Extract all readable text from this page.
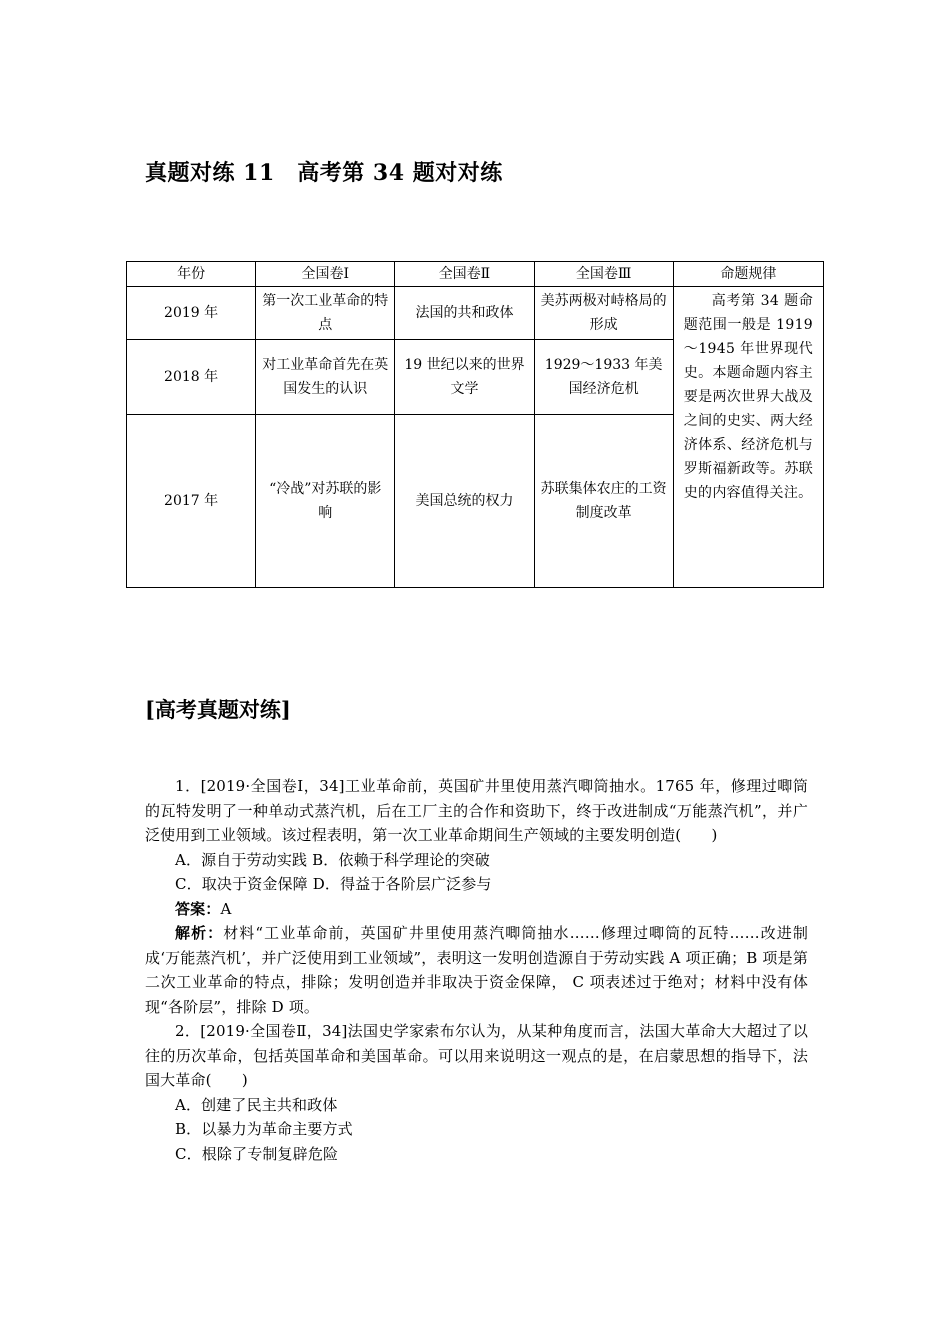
真题对练 11　高考第 34 题对对练
年份	全国卷Ⅰ	全国卷Ⅱ	全国卷Ⅲ	命题规律
2019 年	第一次工业革命的特点	法国的共和政体	美苏两极对峙格局的形成	高考第 34 题命题范围一般是 1919～1945 年世界现代史。本题命题内容主要是两次世界大战及之间的史实、两大经济体系、经济危机与罗斯福新政等。苏联史的内容值得关注。

2018 年	对工业革命首先在英国发生的认识	19 世纪以来的世界文学	1929～1933 年美国经济危机	
2017 年	“冷战”对苏联的影响	美国总统的权力	苏联集体农庄的工资制度改革	
[高考真题对练]

1．[2019·全国卷Ⅰ，34]工业革命前，英国矿井里使用蒸汽唧筒抽水。1765 年，修理过唧筒的瓦特发明了一种单动式蒸汽机，后在工厂主的合作和资助下，终于改进制成“万能蒸汽机”，并广泛使用到工业领域。该过程表明，第一次工业革命期间生产领域的主要发明创造(　　)

A．源自于劳动实践 B．依赖于科学理论的突破

C．取决于资金保障 D．得益于各阶层广泛参与

答案：A

解析：材料“工业革命前，英国矿井里使用蒸汽唧筒抽水……修理过唧筒的瓦特……改进制成‘万能蒸汽机’，并广泛使用到工业领域”，表明这一发明创造源自于劳动实践 A 项正确；B 项是第二次工业革命的特点，排除；发明创造并非取决于资金保障， C 项表述过于绝对；材料中没有体现“各阶层”，排除 D 项。

2．[2019·全国卷Ⅱ，34]法国史学家索布尔认为，从某种角度而言，法国大革命大大超过了以往的历次革命，包括英国革命和美国革命。可以用来说明这一观点的是，在启蒙思想的指导下，法国大革命(　　)

A．创建了民主共和政体

B．以暴力为革命主要方式

C．根除了专制复辟危险
